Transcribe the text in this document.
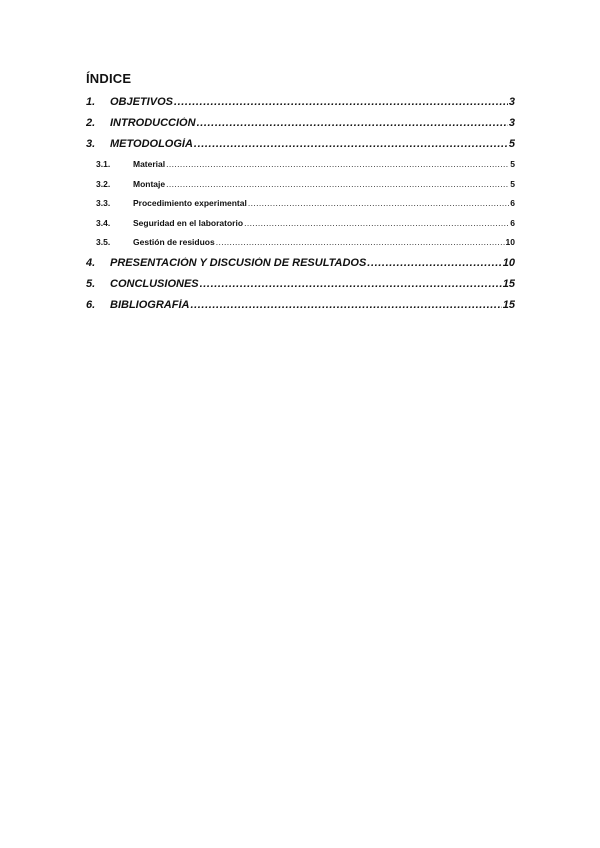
ÍNDICE
1.	OBJETIVOS .....	3
2.	INTRODUCCIÓN .....	3
3.	METODOLOGÍA .....	5
3.1.	Material .....	5
3.2.	Montaje .....	5
3.3.	Procedimiento experimental .....	6
3.4.	Seguridad en el laboratorio .....	6
3.5.	Gestión de residuos .....	10
4.	PRESENTACIÓN Y DISCUSIÓN DE RESULTADOS .....	10
5.	CONCLUSIONES .....	15
6.	BIBLIOGRAFÍA .....	15
